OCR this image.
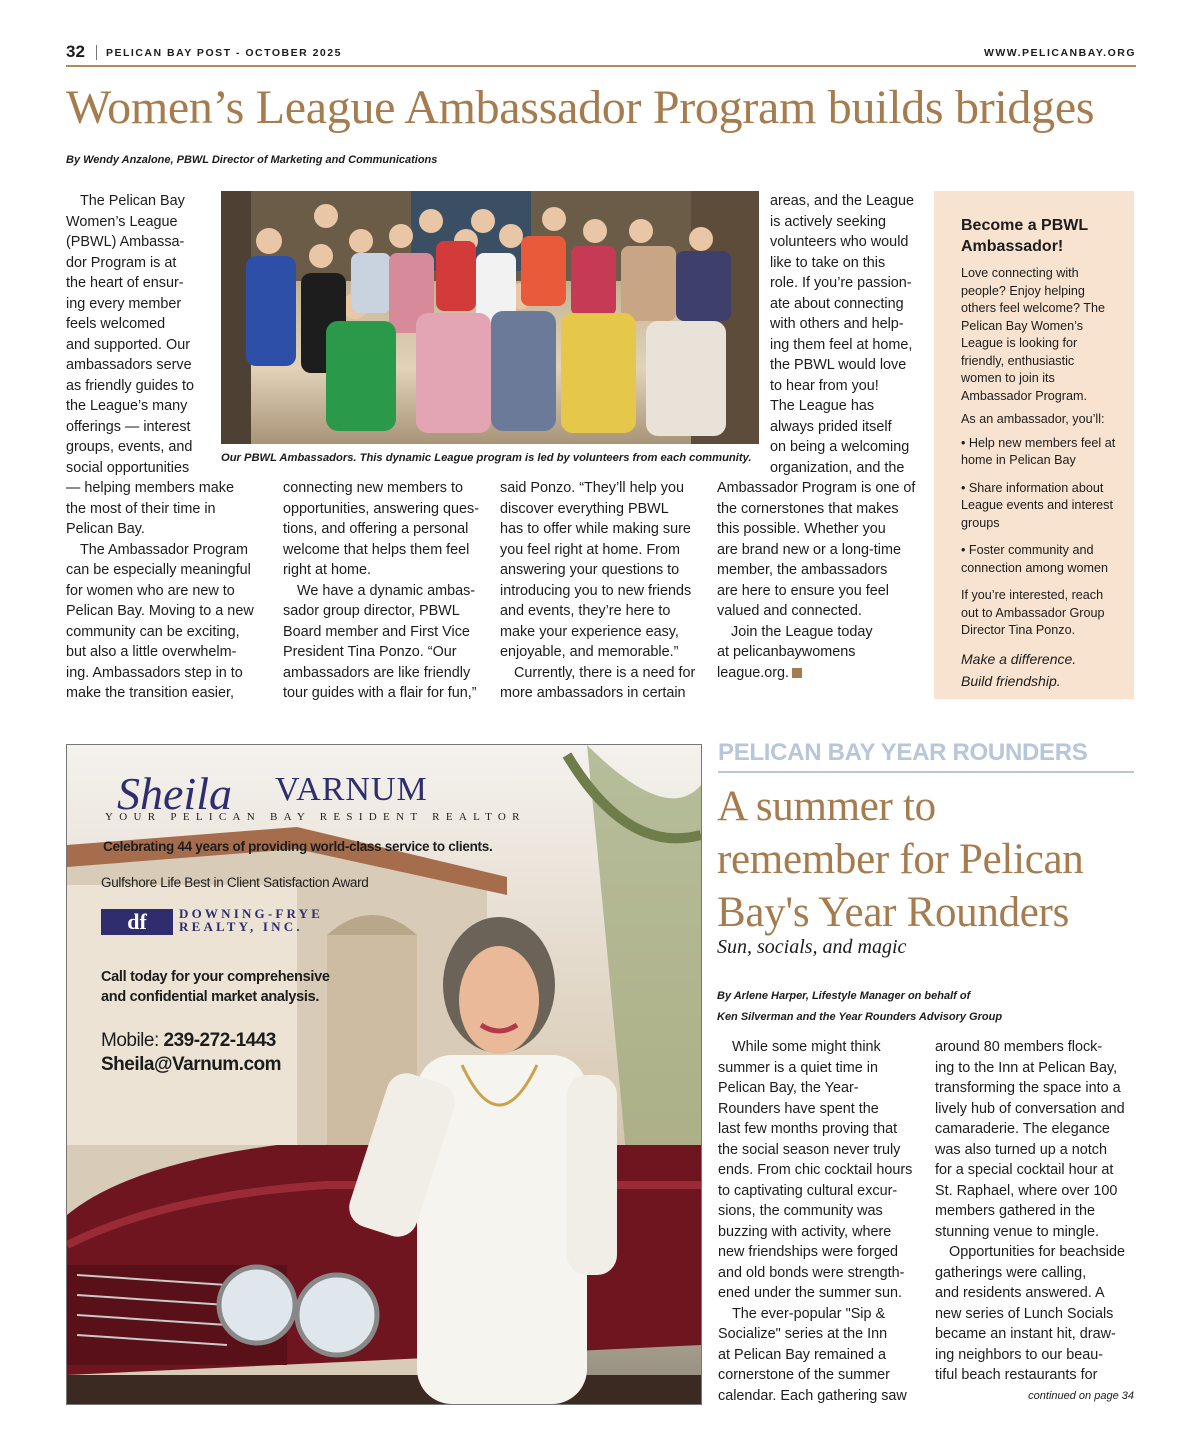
32 PELICAN BAY POST - OCTOBER 2025	WWW.PELICANBAY.ORG
Women’s League Ambassador Program builds bridges
By Wendy Anzalone, PBWL Director of Marketing and Communications

The Pelican Bay
Women’s League
(PBWL) Ambassa-
dor Program is at
the heart of ensur-
ing every member
feels welcomed
and supported. Our
ambassadors serve
as friendly guides to
the League’s many
offerings — interest
groups, events, and
social opportunities

— helping members make
the most of their time in
Pelican Bay.

The Ambassador Program
can be especially meaningful
for women who are new to
Pelican Bay. Moving to a new
community can be exciting,
but also a little overwhelm-
ing. Ambassadors step in to
make the transition easier,

connecting new members to
opportunities, answering ques-
tions, and offering a personal
welcome that helps them feel
right at home.

We have a dynamic ambas-
sador group director, PBWL
Board member and First Vice
President Tina Ponzo. “Our
ambassadors are like friendly
tour guides with a flair for fun,”

said Ponzo. “They’ll help you
discover everything PBWL
has to offer while making sure
you feel right at home. From
answering your questions to
introducing you to new friends
and events, they’re here to
make your experience easy,
enjoyable, and memorable.”

Currently, there is a need for
more ambassadors in certain

areas, and the League
is actively seeking
volunteers who would
like to take on this
role. If you’re passion-
ate about connecting
with others and help-
ing them feel at home,
the PBWL would love
to hear from you!
The League has
always prided itself
on being a welcoming
organization, and the

Ambassador Program is one of
the cornerstones that makes
this possible. Whether you
are brand new or a long-time
member, the ambassadors
are here to ensure you feel
valued and connected.

Join the League today
at pelicanbaywomens
league.org.

Our PBWL Ambassadors. This dynamic League program is led by volunteers from each community.
Become a PBWL Ambassador!

Love connecting with people? Enjoy helping others feel welcome? The Pelican Bay Women’s League is looking for friendly, enthusiastic women to join its Ambassador Program.

As an ambassador, you’ll:

• Help new members feel at home in Pelican Bay

• Share information about League events and interest groups

• Foster community and connection among women

If you’re interested, reach out to Ambassador Group Director Tina Ponzo.

Make a difference.
Build friendship.
Sheila VARNUM
YOUR PELICAN BAY RESIDENT REALTOR
Celebrating 44 years of providing world-class service to clients.
Gulfshore Life Best in Client Satisfaction Award
df	DOWNING-FRYE
REALTY, INC.
Call today for your comprehensive
and confidential market analysis.
Mobile: 239-272-1443
Sheila@Varnum.com
PELICAN BAY YEAR ROUNDERS
A summer to
remember for Pelican
Bay's Year Rounders
Sun, socials, and magic
By Arlene Harper, Lifestyle Manager on behalf of
Ken Silverman and the Year Rounders Advisory Group

While some might think
summer is a quiet time in
Pelican Bay, the Year-
Rounders have spent the
last few months proving that
the social season never truly
ends. From chic cocktail hours
to captivating cultural excur-
sions, the community was
buzzing with activity, where
new friendships were forged
and old bonds were strength-
ened under the summer sun.

The ever-popular "Sip &
Socialize" series at the Inn
at Pelican Bay remained a
cornerstone of the summer
calendar. Each gathering saw

around 80 members flock-
ing to the Inn at Pelican Bay,
transforming the space into a
lively hub of conversation and
camaraderie. The elegance
was also turned up a notch
for a special cocktail hour at
St. Raphael, where over 100
members gathered in the
stunning venue to mingle.

Opportunities for beachside
gatherings were calling,
and residents answered. A
new series of Lunch Socials
became an instant hit, draw-
ing neighbors to our beau-
tiful beach restaurants for

continued on page 34
